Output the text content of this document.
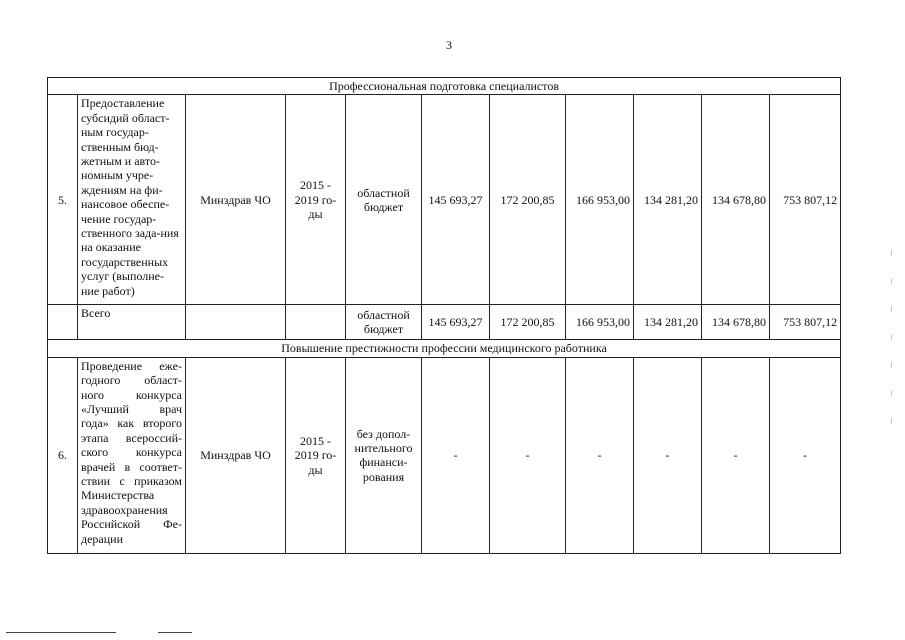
3
Профессиональная подготовка специалистов										
5.	Предоставление субсидий област-ным государ-ственным бюд-жетным и авто-номным учре-ждениям на фи-нансовое обеспе-чение государ-ственного зада-ния на оказание государственных услуг (выполне-ние работ)	Минздрав ЧО	2015 - 2019 го-ды	областной бюджет	145 693,27	172 200,85	166 953,00	134 281,20	134 678,80	753 807,12
	Всего			областной бюджет	145 693,27	172 200,85	166 953,00	134 281,20	134 678,80	753 807,12
Повышение престижности профессии медицинского работника										
6.	Проведение еже-годного област-ного конкурса «Лучший врач года» как второго этапа всероссий-ского конкурса врачей в соответ-ствии с приказом Министерства здравоохранения Российской Фе-дерации	Минздрав ЧО	2015 - 2019 го-ды	без допол-нительного финанси-рования	-	-	-	-	-	-
